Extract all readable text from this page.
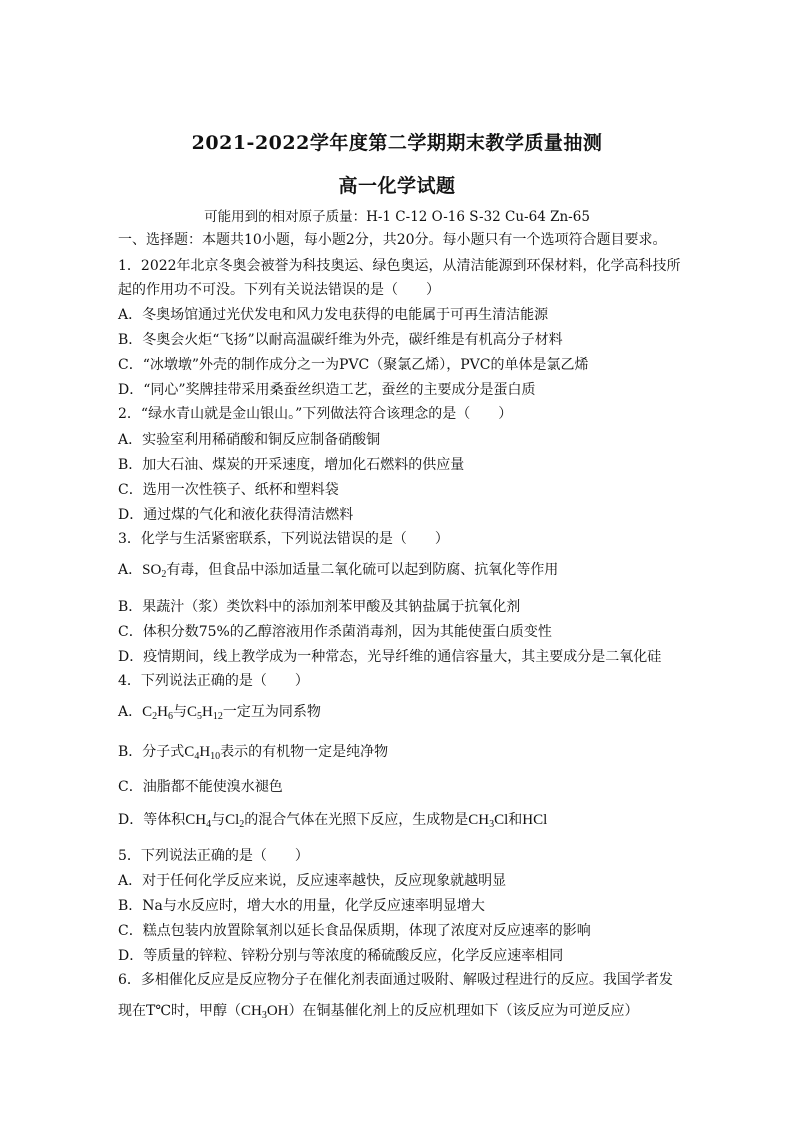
2021-2022学年度第二学期期末教学质量抽测
高一化学试题
可能用到的相对原子质量：H-1 C-12 O-16 S-32 Cu-64 Zn-65
一、选择题：本题共10小题，每小题2分，共20分。每小题只有一个选项符合题目要求。
1．2022年北京冬奥会被誉为科技奥运、绿色奥运，从清洁能源到环保材料，化学高科技所
起的作用功不可没。下列有关说法错误的是（　　）
A．冬奥场馆通过光伏发电和风力发电获得的电能属于可再生清洁能源
B．冬奥会火炬“飞扬”以耐高温碳纤维为外壳，碳纤维是有机高分子材料
C．“冰墩墩”外壳的制作成分之一为PVC（聚氯乙烯），PVC的单体是氯乙烯
D．“同心”奖牌挂带采用桑蚕丝织造工艺，蚕丝的主要成分是蛋白质
2．“绿水青山就是金山银山。”下列做法符合该理念的是（　　）
A．实验室利用稀硝酸和铜反应制备硝酸铜
B．加大石油、煤炭的开采速度，增加化石燃料的供应量
C．选用一次性筷子、纸杯和塑料袋
D．通过煤的气化和液化获得清洁燃料
3．化学与生活紧密联系，下列说法错误的是（　　）
A．$SO_2$有毒，但食品中添加适量二氧化硫可以起到防腐、抗氧化等作用
B．果蔬汁（浆）类饮料中的添加剂苯甲酸及其钠盐属于抗氧化剂
C．体积分数75%的乙醇溶液用作杀菌消毒剂，因为其能使蛋白质变性
D．疫情期间，线上教学成为一种常态，光导纤维的通信容量大，其主要成分是二氧化硅
4．下列说法正确的是（　　）
A．$C_2H_6$与$C_5H_{12}$一定互为同系物
B．分子式$C_4H_{10}$表示的有机物一定是纯净物
C．油脂都不能使溴水褪色
D．等体积$CH_4$与$Cl_2$的混合气体在光照下反应，生成物是$CH_3Cl$和HCl
5．下列说法正确的是（　　）
A．对于任何化学反应来说，反应速率越快，反应现象就越明显
B．Na与水反应时，增大水的用量，化学反应速率明显增大
C．糕点包装内放置除氧剂以延长食品保质期，体现了浓度对反应速率的影响
D．等质量的锌粒、锌粉分别与等浓度的稀硫酸反应，化学反应速率相同
6．多相催化反应是反应物分子在催化剂表面通过吸附、解吸过程进行的反应。我国学者发
现在T℃时，甲醇$(CH_3OH)$在铜基催化剂上的反应机理如下（该反应为可逆反应）
